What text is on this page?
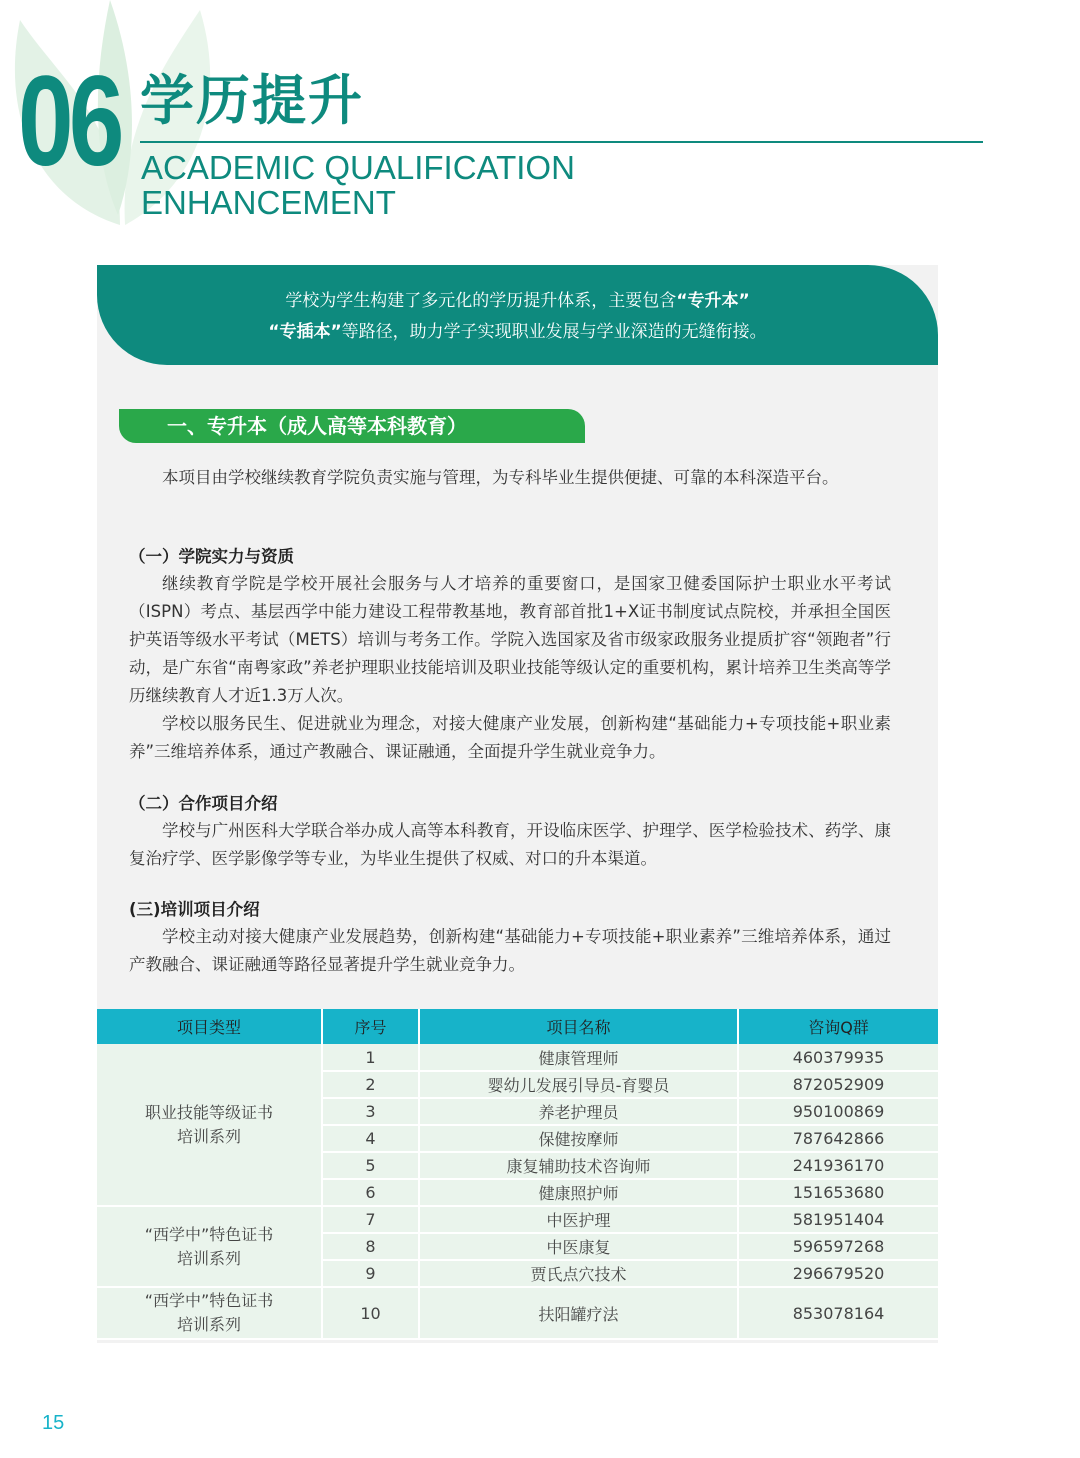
06 学历提升
ACADEMIC QUALIFICATION
ENHANCEMENT
学校为学生构建了多元化的学历提升体系，主要包含“专升本”
“专插本”等路径，助力学子实现职业发展与学业深造的无缝衔接。
一、专升本（成人高等本科教育）

本项目由学校继续教育学院负责实施与管理，为专科毕业生提供便捷、可靠的本科深造平台。

（一）学院实力与资质

继续教育学院是学校开展社会服务与人才培养的重要窗口，是国家卫健委国际护士职业水平考试（ISPN）考点、基层西学中能力建设工程带教基地，教育部首批1+X证书制度试点院校，并承担全国医护英语等级水平考试（METS）培训与考务工作。学院入选国家及省市级家政服务业提质扩容“领跑者”行动，是广东省“南粤家政”养老护理职业技能培训及职业技能等级认定的重要机构，累计培养卫生类高等学历继续教育人才近1.3万人次。

学校以服务民生、促进就业为理念，对接大健康产业发展，创新构建“基础能力+专项技能+职业素养”三维培养体系，通过产教融合、课证融通，全面提升学生就业竞争力。

（二）合作项目介绍

学校与广州医科大学联合举办成人高等本科教育，开设临床医学、护理学、医学检验技术、药学、康复治疗学、医学影像学等专业，为毕业生提供了权威、对口的升本渠道。

(三)培训项目介绍

学校主动对接大健康产业发展趋势，创新构建“基础能力+专项技能+职业素养”三维培养体系，通过产教融合、课证融通等路径显著提升学生就业竞争力。

项目类型	序号	项目名称	咨询Q群

职业技能等级证书
培训系列	1	健康管理师	460379935
	2	婴幼儿发展引导员-育婴员	872052909
	3	养老护理员	950100869
	4	保健按摩师	787642866
	5	康复辅助技术咨询师	241936170
	6	健康照护师	151653680

“西学中”特色证书
培训系列	7	中医护理	581951404
	8	中医康复	596597268
	9	贾氏点穴技术	296679520

“西学中”特色证书
培训系列	10	扶阳罐疗法	853078164
15
